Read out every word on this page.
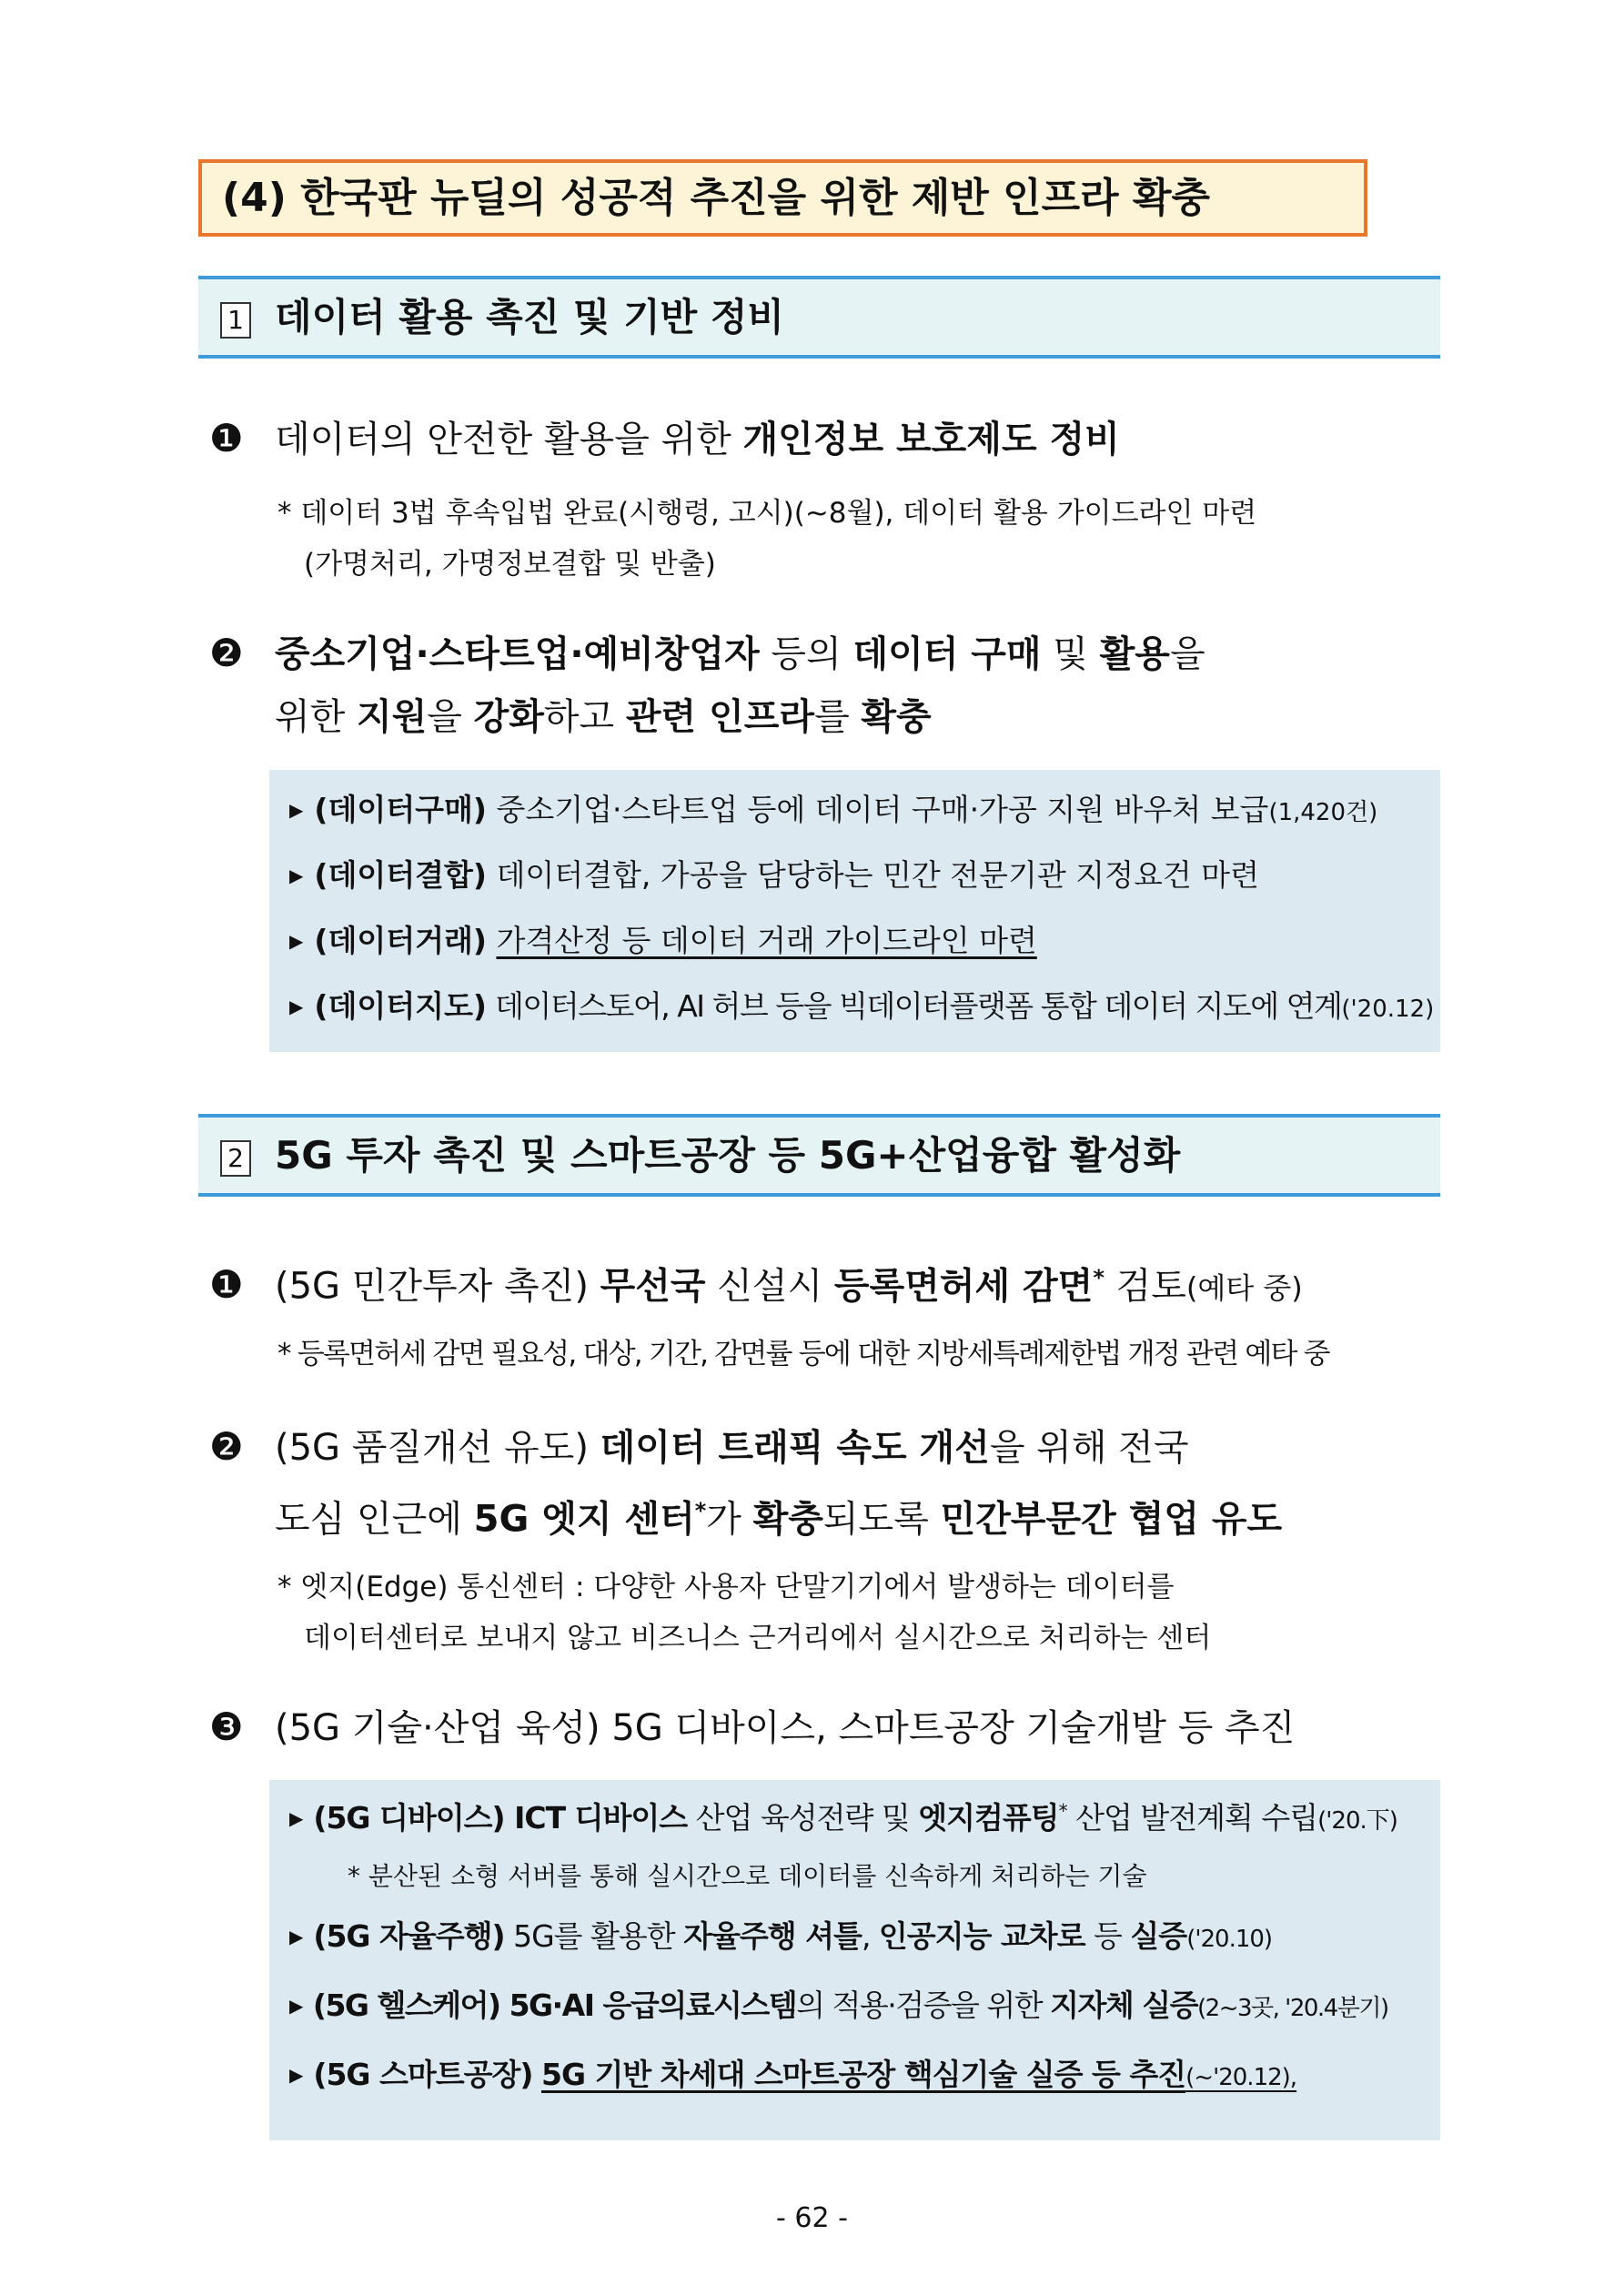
(4) 한국판 뉴딜의 성공적 추진을 위한 제반 인프라 확충
1 데이터 활용 촉진 및 기반 정비
❶ 데이터의 안전한 활용을 위한 개인정보 보호제도 정비
* 데이터 3법 후속입법 완료(시행령, 고시)(~8월), 데이터 활용 가이드라인 마련
(가명처리, 가명정보결합 및 반출)
❷ 중소기업·스타트업·예비창업자 등의 데이터 구매 및 활용을
위한 지원을 강화하고 관련 인프라를 확충
▶ (데이터구매) 중소기업·스타트업 등에 데이터 구매·가공 지원 바우처 보급(1,420건)
▶ (데이터결합) 데이터결합, 가공을 담당하는 민간 전문기관 지정요건 마련
▶ (데이터거래) 가격산정 등 데이터 거래 가이드라인 마련
▶ (데이터지도) 데이터스토어, AI 허브 등을 빅데이터플랫폼 통합 데이터 지도에 연계('20.12)
2 5G 투자 촉진 및 스마트공장 등 5G+산업융합 활성화
❶ (5G 민간투자 촉진) 무선국 신설시 등록면허세 감면* 검토(예타 중)
* 등록면허세 감면 필요성, 대상, 기간, 감면률 등에 대한 지방세특례제한법 개정 관련 예타 중
❷ (5G 품질개선 유도) 데이터 트래픽 속도 개선을 위해 전국
도심 인근에 5G 엣지 센터*가 확충되도록 민간부문간 협업 유도
* 엣지(Edge) 통신센터 : 다양한 사용자 단말기기에서 발생하는 데이터를
데이터센터로 보내지 않고 비즈니스 근거리에서 실시간으로 처리하는 센터
❸ (5G 기술·산업 육성) 5G 디바이스, 스마트공장 기술개발 등 추진
▶ (5G 디바이스) ICT 디바이스 산업 육성전략 및 엣지컴퓨팅* 산업 발전계획 수립('20.下)
* 분산된 소형 서버를 통해 실시간으로 데이터를 신속하게 처리하는 기술
▶ (5G 자율주행) 5G를 활용한 자율주행 셔틀, 인공지능 교차로 등 실증('20.10)
▶ (5G 헬스케어) 5G·AI 응급의료시스템의 적용·검증을 위한 지자체 실증(2~3곳, '20.4분기)
▶ (5G 스마트공장) 5G 기반 차세대 스마트공장 핵심기술 실증 등 추진(~'20.12),
- 62 -
